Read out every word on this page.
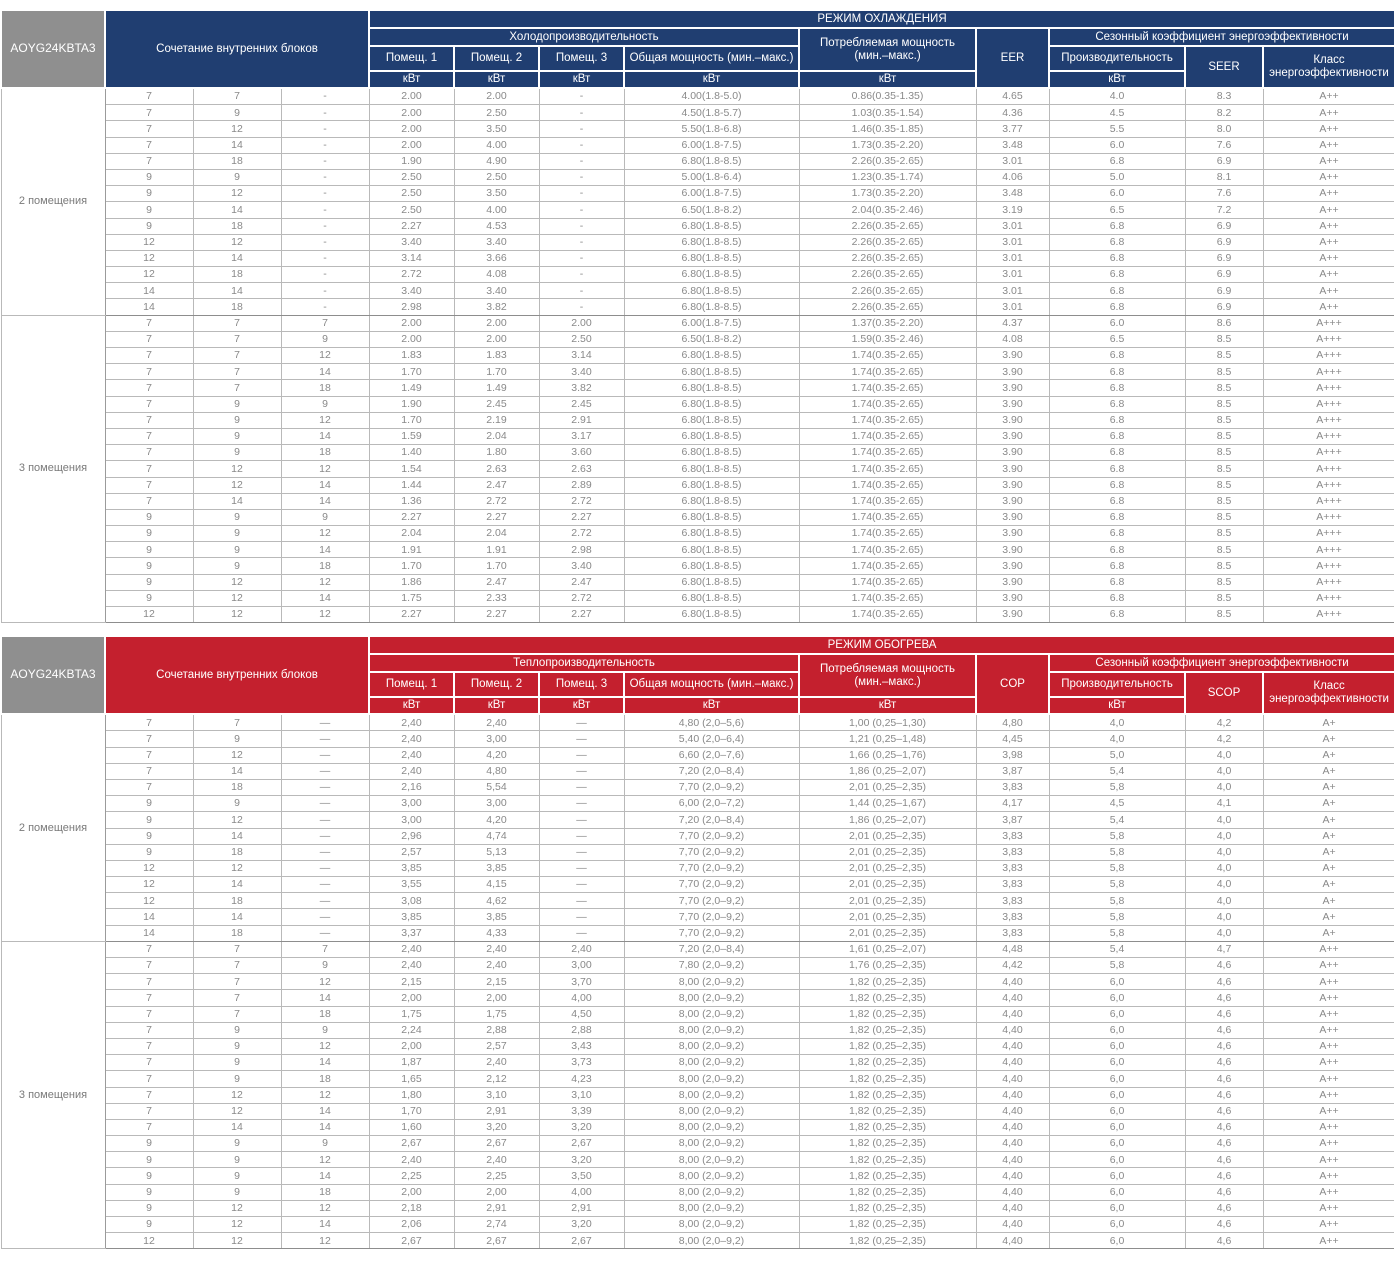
AOYG24KBTA3	Сочетание внутренних блоков			РЕЖИМ ОХЛАЖДЕНИЯ								
				Холодопроизводительность				Потребляемая мощность (мин.–макс.)	EER	Сезонный коэффициент энергоэффективности		
				Помещ. 1	Помещ. 2	Помещ. 3	Общая мощность (мин.–макс.)			Производительность	SEER	Класс энергоэффективности
				кВт	кВт	кВт	кВт	кВт		кВт		
2 помещения	7	7	-	2.00	2.00	-	4.00(1.8-5.0)	0.86(0.35-1.35)	4.65	4.0	8.3	A++
	7	9	-	2.00	2.50	-	4.50(1.8-5.7)	1.03(0.35-1.54)	4.36	4.5	8.2	A++
	7	12	-	2.00	3.50	-	5.50(1.8-6.8)	1.46(0.35-1.85)	3.77	5.5	8.0	A++
	7	14	-	2.00	4.00	-	6.00(1.8-7.5)	1.73(0.35-2.20)	3.48	6.0	7.6	A++
	7	18	-	1.90	4.90	-	6.80(1.8-8.5)	2.26(0.35-2.65)	3.01	6.8	6.9	A++
	9	9	-	2.50	2.50	-	5.00(1.8-6.4)	1.23(0.35-1.74)	4.06	5.0	8.1	A++
	9	12	-	2.50	3.50	-	6.00(1.8-7.5)	1.73(0.35-2.20)	3.48	6.0	7.6	A++
	9	14	-	2.50	4.00	-	6.50(1.8-8.2)	2.04(0.35-2.46)	3.19	6.5	7.2	A++
	9	18	-	2.27	4.53	-	6.80(1.8-8.5)	2.26(0.35-2.65)	3.01	6.8	6.9	A++
	12	12	-	3.40	3.40	-	6.80(1.8-8.5)	2.26(0.35-2.65)	3.01	6.8	6.9	A++
	12	14	-	3.14	3.66	-	6.80(1.8-8.5)	2.26(0.35-2.65)	3.01	6.8	6.9	A++
	12	18	-	2.72	4.08	-	6.80(1.8-8.5)	2.26(0.35-2.65)	3.01	6.8	6.9	A++
	14	14	-	3.40	3.40	-	6.80(1.8-8.5)	2.26(0.35-2.65)	3.01	6.8	6.9	A++
	14	18	-	2.98	3.82	-	6.80(1.8-8.5)	2.26(0.35-2.65)	3.01	6.8	6.9	A++
3 помещения	7	7	7	2.00	2.00	2.00	6.00(1.8-7.5)	1.37(0.35-2.20)	4.37	6.0	8.6	A+++
	7	7	9	2.00	2.00	2.50	6.50(1.8-8.2)	1.59(0.35-2.46)	4.08	6.5	8.5	A+++
	7	7	12	1.83	1.83	3.14	6.80(1.8-8.5)	1.74(0.35-2.65)	3.90	6.8	8.5	A+++
	7	7	14	1.70	1.70	3.40	6.80(1.8-8.5)	1.74(0.35-2.65)	3.90	6.8	8.5	A+++
	7	7	18	1.49	1.49	3.82	6.80(1.8-8.5)	1.74(0.35-2.65)	3.90	6.8	8.5	A+++
	7	9	9	1.90	2.45	2.45	6.80(1.8-8.5)	1.74(0.35-2.65)	3.90	6.8	8.5	A+++
	7	9	12	1.70	2.19	2.91	6.80(1.8-8.5)	1.74(0.35-2.65)	3.90	6.8	8.5	A+++
	7	9	14	1.59	2.04	3.17	6.80(1.8-8.5)	1.74(0.35-2.65)	3.90	6.8	8.5	A+++
	7	9	18	1.40	1.80	3.60	6.80(1.8-8.5)	1.74(0.35-2.65)	3.90	6.8	8.5	A+++
	7	12	12	1.54	2.63	2.63	6.80(1.8-8.5)	1.74(0.35-2.65)	3.90	6.8	8.5	A+++
	7	12	14	1.44	2.47	2.89	6.80(1.8-8.5)	1.74(0.35-2.65)	3.90	6.8	8.5	A+++
	7	14	14	1.36	2.72	2.72	6.80(1.8-8.5)	1.74(0.35-2.65)	3.90	6.8	8.5	A+++
	9	9	9	2.27	2.27	2.27	6.80(1.8-8.5)	1.74(0.35-2.65)	3.90	6.8	8.5	A+++
	9	9	12	2.04	2.04	2.72	6.80(1.8-8.5)	1.74(0.35-2.65)	3.90	6.8	8.5	A+++
	9	9	14	1.91	1.91	2.98	6.80(1.8-8.5)	1.74(0.35-2.65)	3.90	6.8	8.5	A+++
	9	9	18	1.70	1.70	3.40	6.80(1.8-8.5)	1.74(0.35-2.65)	3.90	6.8	8.5	A+++
	9	12	12	1.86	2.47	2.47	6.80(1.8-8.5)	1.74(0.35-2.65)	3.90	6.8	8.5	A+++
	9	12	14	1.75	2.33	2.72	6.80(1.8-8.5)	1.74(0.35-2.65)	3.90	6.8	8.5	A+++
	12	12	12	2.27	2.27	2.27	6.80(1.8-8.5)	1.74(0.35-2.65)	3.90	6.8	8.5	A+++
AOYG24KBTA3	Сочетание внутренних блоков			РЕЖИМ ОБОГРЕВА								
				Теплопроизводительность				Потребляемая мощность (мин.–макс.)	COP	Сезонный коэффициент энергоэффективности		
				Помещ. 1	Помещ. 2	Помещ. 3	Общая мощность (мин.–макс.)			Производительность	SCOP	Класс энергоэффективности
				кВт	кВт	кВт	кВт	кВт		кВт		
2 помещения	7	7	—	2,40	2,40	—	4,80 (2,0–5,6)	1,00 (0,25–1,30)	4,80	4,0	4,2	A+
	7	9	—	2,40	3,00	—	5,40 (2,0–6,4)	1,21 (0,25–1,48)	4,45	4,0	4,2	A+
	7	12	—	2,40	4,20	—	6,60 (2,0–7,6)	1,66 (0,25–1,76)	3,98	5,0	4,0	A+
	7	14	—	2,40	4,80	—	7,20 (2,0–8,4)	1,86 (0,25–2,07)	3,87	5,4	4,0	A+
	7	18	—	2,16	5,54	—	7,70 (2,0–9,2)	2,01 (0,25–2,35)	3,83	5,8	4,0	A+
	9	9	—	3,00	3,00	—	6,00 (2,0–7,2)	1,44 (0,25–1,67)	4,17	4,5	4,1	A+
	9	12	—	3,00	4,20	—	7,20 (2,0–8,4)	1,86 (0,25–2,07)	3,87	5,4	4,0	A+
	9	14	—	2,96	4,74	—	7,70 (2,0–9,2)	2,01 (0,25–2,35)	3,83	5,8	4,0	A+
	9	18	—	2,57	5,13	—	7,70 (2,0–9,2)	2,01 (0,25–2,35)	3,83	5,8	4,0	A+
	12	12	—	3,85	3,85	—	7,70 (2,0–9,2)	2,01 (0,25–2,35)	3,83	5,8	4,0	A+
	12	14	—	3,55	4,15	—	7,70 (2,0–9,2)	2,01 (0,25–2,35)	3,83	5,8	4,0	A+
	12	18	—	3,08	4,62	—	7,70 (2,0–9,2)	2,01 (0,25–2,35)	3,83	5,8	4,0	A+
	14	14	—	3,85	3,85	—	7,70 (2,0–9,2)	2,01 (0,25–2,35)	3,83	5,8	4,0	A+
	14	18	—	3,37	4,33	—	7,70 (2,0–9,2)	2,01 (0,25–2,35)	3,83	5,8	4,0	A+
3 помещения	7	7	7	2,40	2,40	2,40	7,20 (2,0–8,4)	1,61 (0,25–2,07)	4,48	5,4	4,7	A++
	7	7	9	2,40	2,40	3,00	7,80 (2,0–9,2)	1,76 (0,25–2,35)	4,42	5,8	4,6	A++
	7	7	12	2,15	2,15	3,70	8,00 (2,0–9,2)	1,82 (0,25–2,35)	4,40	6,0	4,6	A++
	7	7	14	2,00	2,00	4,00	8,00 (2,0–9,2)	1,82 (0,25–2,35)	4,40	6,0	4,6	A++
	7	7	18	1,75	1,75	4,50	8,00 (2,0–9,2)	1,82 (0,25–2,35)	4,40	6,0	4,6	A++
	7	9	9	2,24	2,88	2,88	8,00 (2,0–9,2)	1,82 (0,25–2,35)	4,40	6,0	4,6	A++
	7	9	12	2,00	2,57	3,43	8,00 (2,0–9,2)	1,82 (0,25–2,35)	4,40	6,0	4,6	A++
	7	9	14	1,87	2,40	3,73	8,00 (2,0–9,2)	1,82 (0,25–2,35)	4,40	6,0	4,6	A++
	7	9	18	1,65	2,12	4,23	8,00 (2,0–9,2)	1,82 (0,25–2,35)	4,40	6,0	4,6	A++
	7	12	12	1,80	3,10	3,10	8,00 (2,0–9,2)	1,82 (0,25–2,35)	4,40	6,0	4,6	A++
	7	12	14	1,70	2,91	3,39	8,00 (2,0–9,2)	1,82 (0,25–2,35)	4,40	6,0	4,6	A++
	7	14	14	1,60	3,20	3,20	8,00 (2,0–9,2)	1,82 (0,25–2,35)	4,40	6,0	4,6	A++
	9	9	9	2,67	2,67	2,67	8,00 (2,0–9,2)	1,82 (0,25–2,35)	4,40	6,0	4,6	A++
	9	9	12	2,40	2,40	3,20	8,00 (2,0–9,2)	1,82 (0,25–2,35)	4,40	6,0	4,6	A++
	9	9	14	2,25	2,25	3,50	8,00 (2,0–9,2)	1,82 (0,25–2,35)	4,40	6,0	4,6	A++
	9	9	18	2,00	2,00	4,00	8,00 (2,0–9,2)	1,82 (0,25–2,35)	4,40	6,0	4,6	A++
	9	12	12	2,18	2,91	2,91	8,00 (2,0–9,2)	1,82 (0,25–2,35)	4,40	6,0	4,6	A++
	9	12	14	2,06	2,74	3,20	8,00 (2,0–9,2)	1,82 (0,25–2,35)	4,40	6,0	4,6	A++
	12	12	12	2,67	2,67	2,67	8,00 (2,0–9,2)	1,82 (0,25–2,35)	4,40	6,0	4,6	A++
